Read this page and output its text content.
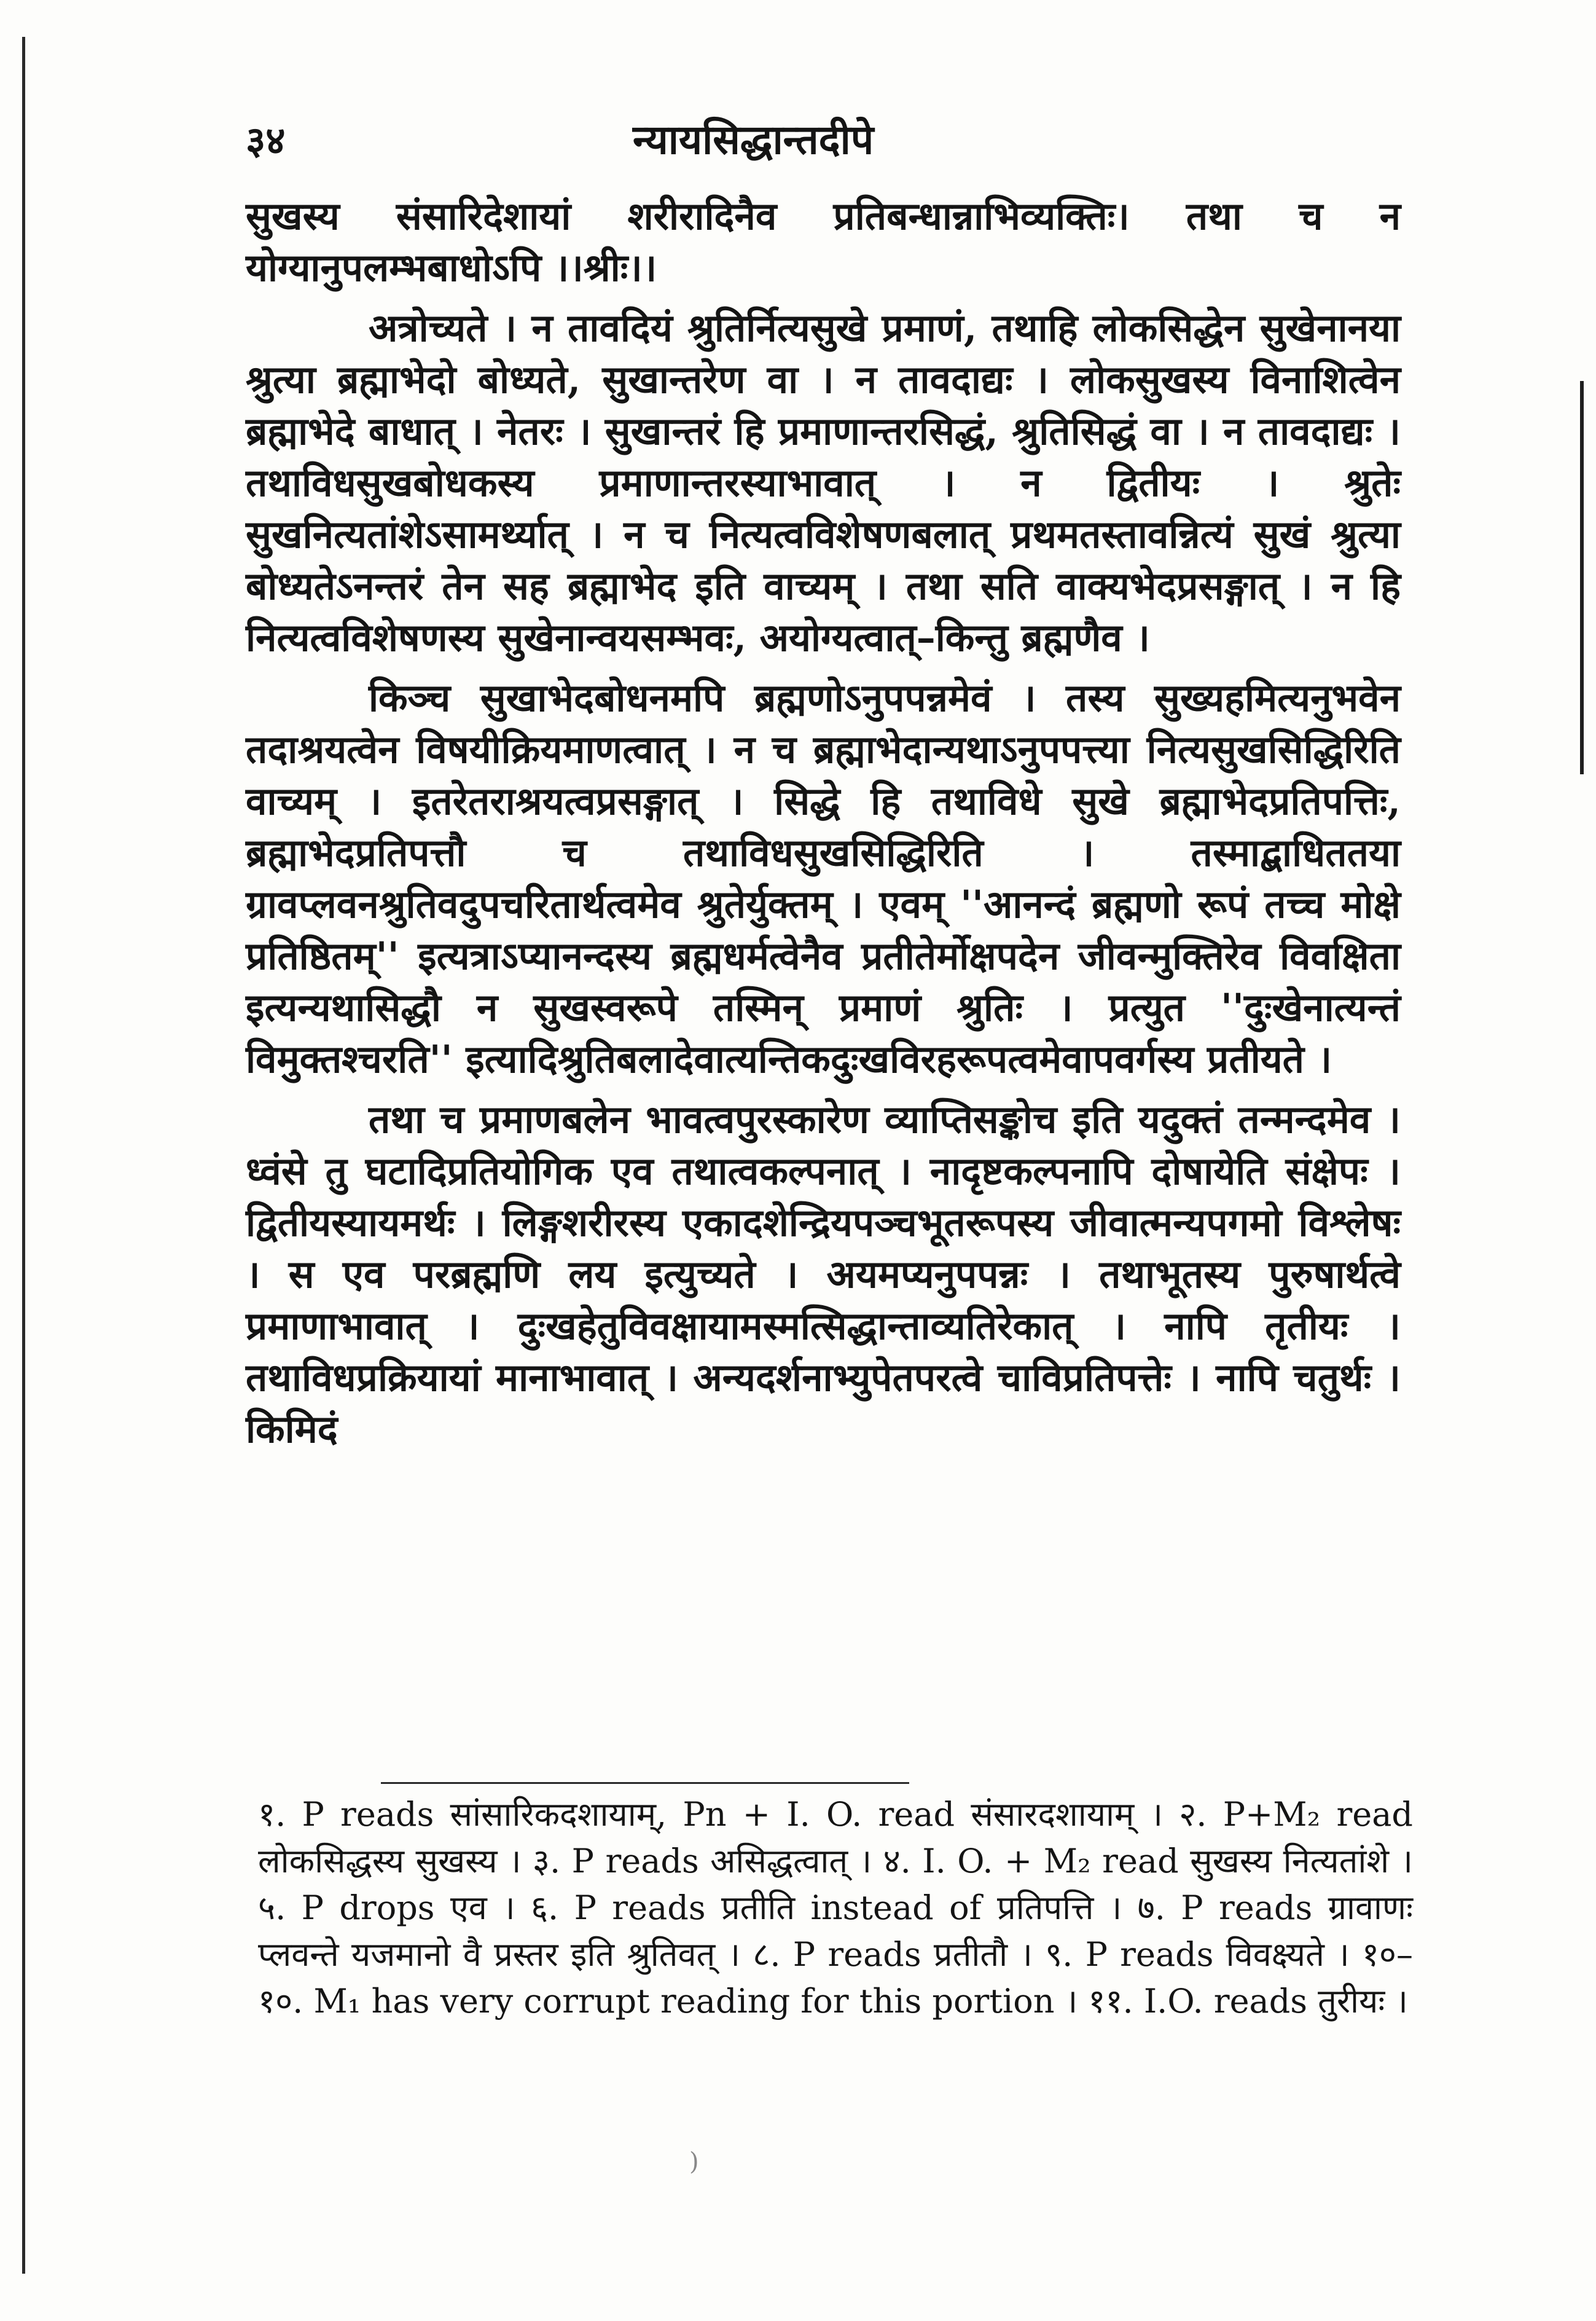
३४	न्यायसिद्धान्तदीपे

सुखस्य संसारिदेशायां शरीरादिनैव प्रतिबन्धान्नाभिव्यक्तिः। तथा च न योग्यानुपलम्भबाधोऽपि ।।श्रीः।।

अत्रोच्यते । न तावदियं श्रुतिर्नित्यसुखे प्रमाणं, तथाहि लोकसिद्धेन सुखेनानया श्रुत्या ब्रह्माभेदो बोध्यते, सुखान्तरेण वा । न तावदाद्यः । लोकसुखस्य विनाशित्वेन ब्रह्माभेदे बाधात् । नेतरः । सुखान्तरं हि प्रमाणान्तरसिद्धं, श्रुतिसिद्धं वा । न तावदाद्यः । तथाविधसुखबोधकस्य प्रमाणान्तरस्याभावात् । न द्वितीयः । श्रुतेः सुखनित्यतांशेऽसामर्थ्यात् । न च नित्यत्वविशेषणबलात् प्रथमतस्तावन्नित्यं सुखं श्रुत्या बोध्यतेऽनन्तरं तेन सह ब्रह्माभेद इति वाच्यम् । तथा सति वाक्यभेदप्रसङ्गात् । न हि नित्यत्वविशेषणस्य सुखेनान्वयसम्भवः, अयोग्यत्वात्–किन्तु ब्रह्मणैव ।

किञ्च सुखाभेदबोधनमपि ब्रह्मणोऽनुपपन्नमेवं । तस्य सुख्यहमित्यनुभवेन तदाश्रयत्वेन विषयीक्रियमाणत्वात् । न च ब्रह्माभेदान्यथाऽनुपपत्त्या नित्यसुखसिद्धिरिति वाच्यम् । इतरेतराश्रयत्वप्रसङ्गात् । सिद्धे हि तथाविधे सुखे ब्रह्माभेदप्रतिपत्तिः, ब्रह्माभेदप्रतिपत्तौ च तथाविधसुखसिद्धिरिति । तस्माद्बाधिततया ग्रावप्लवनश्रुतिवदुपचरितार्थत्वमेव श्रुतेर्युक्तम् । एवम् ''आनन्दं ब्रह्मणो रूपं तच्च मोक्षे प्रतिष्ठितम्'' इत्यत्राऽप्यानन्दस्य ब्रह्मधर्मत्वेनैव प्रतीतेर्मोक्षपदेन जीवन्मुक्तिरेव विवक्षिता इत्यन्यथासिद्धौ न सुखस्वरूपे तस्मिन् प्रमाणं श्रुतिः । प्रत्युत ''दुःखेनात्यन्तं विमुक्तश्चरति'' इत्यादिश्रुतिबलादेवात्यन्तिकदुःखविरहरूपत्वमेवापवर्गस्य प्रतीयते ।

तथा च प्रमाणबलेन भावत्वपुरस्कारेण व्याप्तिसङ्कोच इति यदुक्तं तन्मन्दमेव । ध्वंसे तु घटादिप्रतियोगिक एव तथात्वकल्पनात् । नादृष्टकल्पनापि दोषायेति संक्षेपः । द्वितीयस्यायमर्थः । लिङ्गशरीरस्य एकादशेन्द्रियपञ्चभूतरूपस्य जीवात्मन्यपगमो विश्लेषः । स एव परब्रह्मणि लय इत्युच्यते । अयमप्यनुपपन्नः । तथाभूतस्य पुरुषार्थत्वे प्रमाणाभावात् । दुःखहेतुविवक्षायामस्मत्सिद्धान्ताव्यतिरेकात् । नापि तृतीयः । तथाविधप्रक्रियायां मानाभावात् । अन्यदर्शनाभ्युपेतपरत्वे चाविप्रतिपत्तेः । नापि चतुर्थः । किमिदं

१. P reads सांसारिकदशायाम्, Pn + I. O. read संसारदशायाम् । २. P+M₂ read लोकसिद्धस्य सुखस्य । ३. P reads असिद्धत्वात् । ४. I. O. + M₂ read सुखस्य नित्यतांशे । ५. P drops एव । ६. P reads प्रतीति instead of प्रतिपत्ति । ७. P reads ग्रावाणः प्लवन्ते यजमानो वै प्रस्तर इति श्रुतिवत् । ८. P reads प्रतीतौ । ९. P reads विवक्ष्यते । १०–१०. M₁ has very corrupt reading for this portion । ११. I.O. reads तुरीयः ।

)
